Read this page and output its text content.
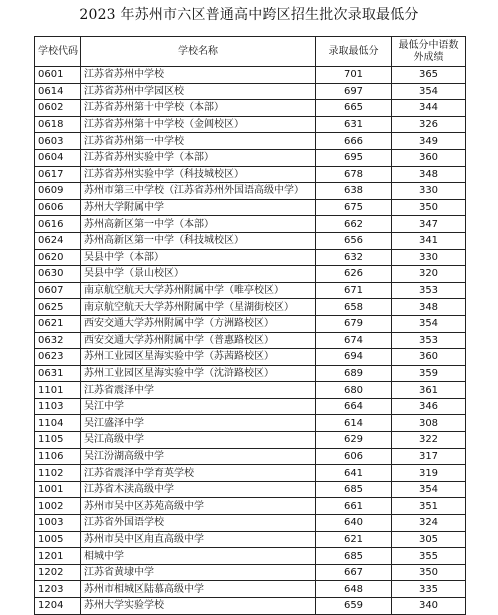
2023 年苏州市六区普通高中跨区招生批次录取最低分
学校代码	学校名称	录取最低分	最低分中语数外成绩
0601	江苏省苏州中学校	701	365
0614	江苏省苏州中学园区校	697	354
0602	江苏省苏州第十中学校（本部）	665	344
0618	江苏省苏州第十中学校（金阊校区）	631	326
0603	江苏省苏州第一中学校	666	349
0604	江苏省苏州实验中学（本部）	695	360
0617	江苏省苏州实验中学（科技城校区）	678	348
0609	苏州市第三中学校（江苏省苏州外国语高级中学）	638	330
0606	苏州大学附属中学	675	350
0616	苏州高新区第一中学（本部）	662	347
0624	苏州高新区第一中学（科技城校区）	656	341
0620	吴县中学（本部）	632	330
0630	吴县中学（景山校区）	626	320
0607	南京航空航天大学苏州附属中学（唯亭校区）	671	353
0625	南京航空航天大学苏州附属中学（星湖街校区）	658	348
0621	西安交通大学苏州附属中学（方洲路校区）	679	354
0632	西安交通大学苏州附属中学（普惠路校区）	674	353
0623	苏州工业园区星海实验中学（苏茜路校区）	694	360
0631	苏州工业园区星海实验中学（沈浒路校区）	689	359
1101	江苏省震泽中学	680	361
1103	吴江中学	664	346
1104	吴江盛泽中学	614	308
1105	吴江高级中学	629	322
1106	吴江汾湖高级中学	606	317
1102	江苏省震泽中学育英学校	641	319
1001	江苏省木渎高级中学	685	354
1002	苏州市吴中区苏苑高级中学	661	351
1003	江苏省外国语学校	640	324
1005	苏州市吴中区甪直高级中学	621	305
1201	相城中学	685	355
1202	江苏省黄埭中学	667	350
1203	苏州市相城区陆慕高级中学	648	335
1204	苏州大学实验学校	659	340
